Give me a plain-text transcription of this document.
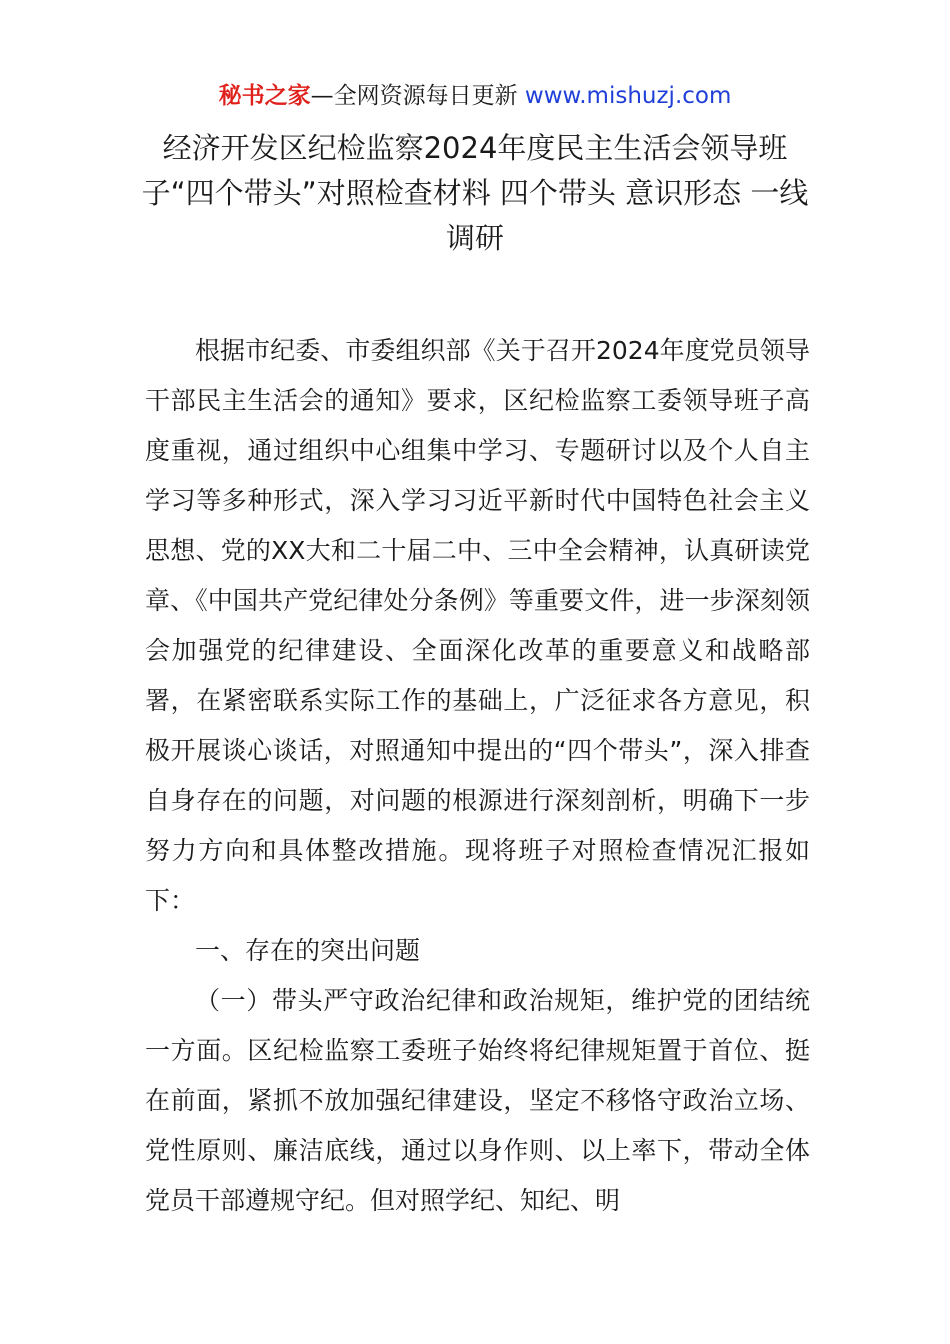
秘书之家—全网资源每日更新 www.mishuzj.com
经济开发区纪检监察2024年度民主生活会领导班子“四个带头”对照检查材料 四个带头 意识形态 一线调研

根据市纪委、市委组织部《关于召开2024年度党员领导干部民主生活会的通知》要求，区纪检监察工委领导班子高度重视，通过组织中心组集中学习、专题研讨以及个人自主学习等多种形式，深入学习习近平新时代中国特色社会主义思想、党的XX大和二十届二中、三中全会精神，认真研读党章、《中国共产党纪律处分条例》等重要文件，进一步深刻领会加强党的纪律建设、全面深化改革的重要意义和战略部署，在紧密联系实际工作的基础上，广泛征求各方意见，积极开展谈心谈话，对照通知中提出的“四个带头”，深入排查自身存在的问题，对问题的根源进行深刻剖析，明确下一步努力方向和具体整改措施。现将班子对照检查情况汇报如下：

一、存在的突出问题

（一）带头严守政治纪律和政治规矩，维护党的团结统一方面。区纪检监察工委班子始终将纪律规矩置于首位、挺在前面，紧抓不放加强纪律建设，坚定不移恪守政治立场、党性原则、廉洁底线，通过以身作则、以上率下，带动全体党员干部遵规守纪。但对照学纪、知纪、明
